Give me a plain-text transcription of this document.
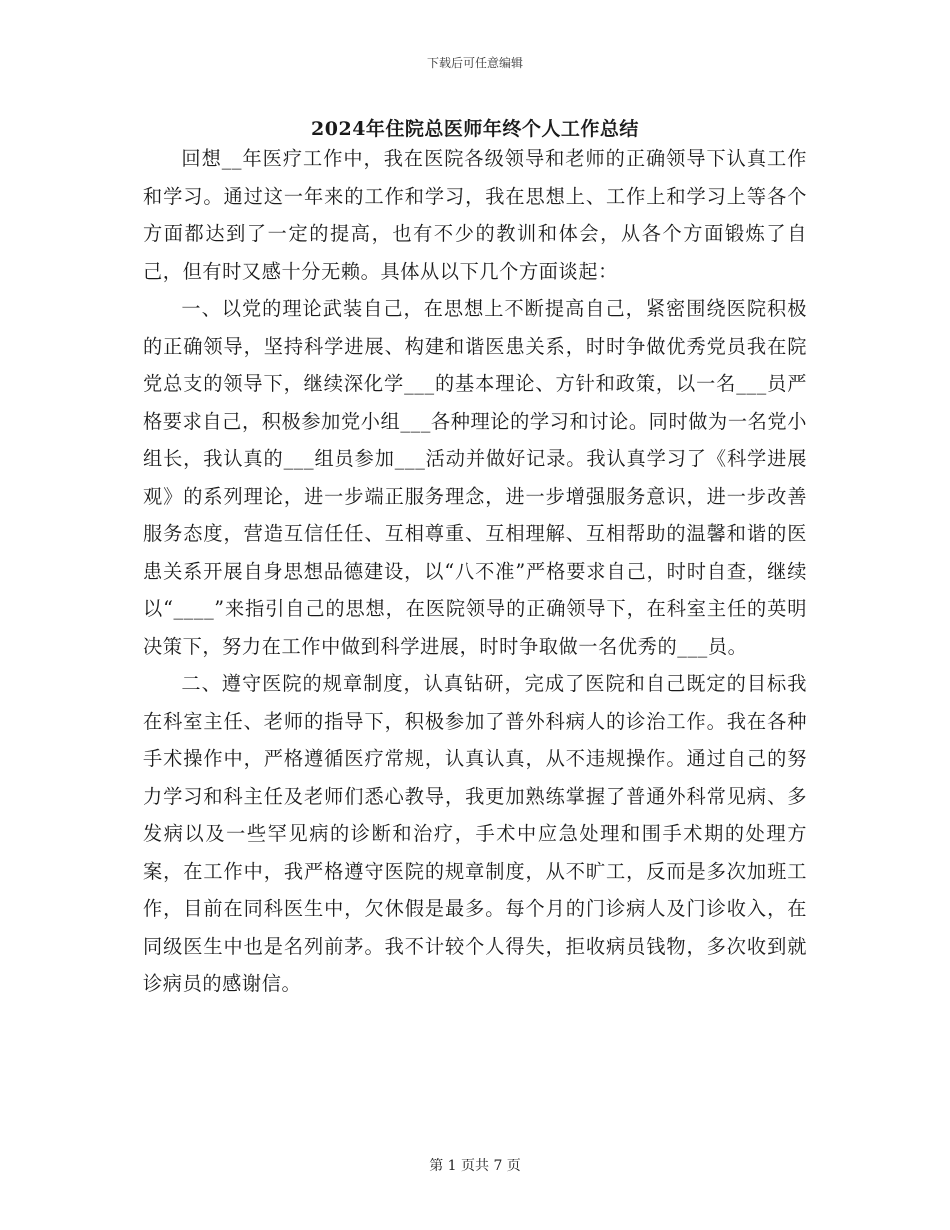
下载后可任意编辑
2024年住院总医师年终个人工作总结

回想__年医疗工作中，我在医院各级领导和老师的正确领导下认真工作和学习。通过这一年来的工作和学习，我在思想上、工作上和学习上等各个方面都达到了一定的提高，也有不少的教训和体会，从各个方面锻炼了自己，但有时又感十分无赖。具体从以下几个方面谈起：

一、以党的理论武装自己，在思想上不断提高自己，紧密围绕医院积极的正确领导，坚持科学进展、构建和谐医患关系，时时争做优秀党员我在院党总支的领导下，继续深化学___的基本理论、方针和政策，以一名___员严格要求自己，积极参加党小组___各种理论的学习和讨论。同时做为一名党小组长，我认真的___组员参加___活动并做好记录。我认真学习了《科学进展观》的系列理论，进一步端正服务理念，进一步增强服务意识，进一步改善服务态度，营造互信任任、互相尊重、互相理解、互相帮助的温馨和谐的医患关系开展自身思想品德建设，以“八不准”严格要求自己，时时自查，继续以“____”来指引自己的思想，在医院领导的正确领导下，在科室主任的英明决策下，努力在工作中做到科学进展，时时争取做一名优秀的___员。

二、遵守医院的规章制度，认真钻研，完成了医院和自己既定的目标我在科室主任、老师的指导下，积极参加了普外科病人的诊治工作。我在各种手术操作中，严格遵循医疗常规，认真认真，从不违规操作。通过自己的努力学习和科主任及老师们悉心教导，我更加熟练掌握了普通外科常见病、多发病以及一些罕见病的诊断和治疗，手术中应急处理和围手术期的处理方案，在工作中，我严格遵守医院的规章制度，从不旷工，反而是多次加班工作，目前在同科医生中，欠休假是最多。每个月的门诊病人及门诊收入，在同级医生中也是名列前茅。我不计较个人得失，拒收病员钱物，多次收到就诊病员的感谢信。

第 1 页共 7 页
